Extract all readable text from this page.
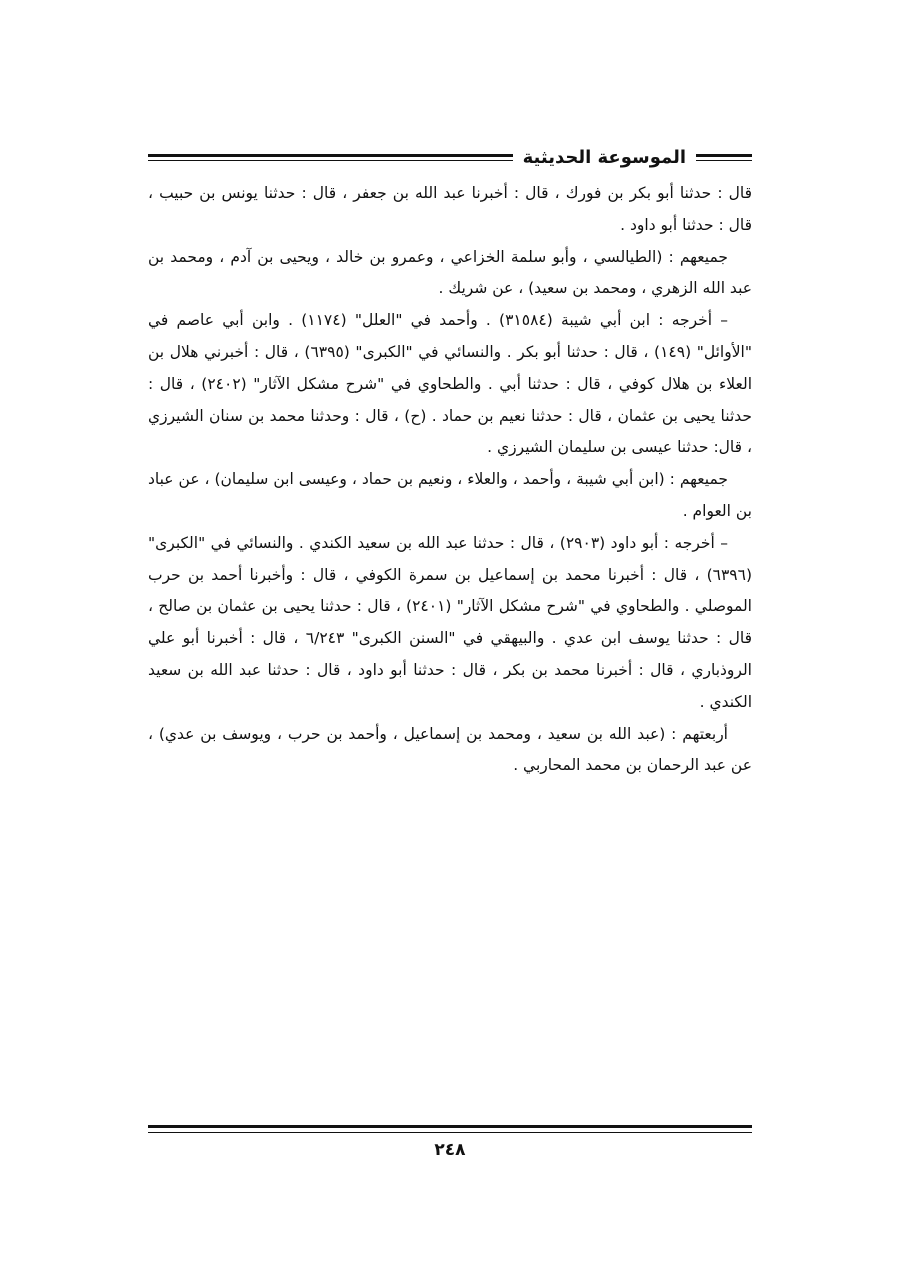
الموسوعة الحديثية

قال : حدثنا أبو بكر بن فورك ، قال : أخبرنا عبد الله بن جعفر ، قال : حدثنا يونس بن حبيب ، قال : حدثنا أبو داود .

جميعهم : (الطيالسي ، وأبو سلمة الخزاعي ، وعمرو بن خالد ، ويحيى بن آدم ، ومحمد بن عبد الله الزهري ، ومحمد بن سعيد) ، عن شريك .

– أخرجه : ابن أبي شيبة (٣١٥٨٤) . وأحمد في "العلل" (١١٧٤) . وابن أبي عاصم في "الأوائل" (١٤٩) ، قال : حدثنا أبو بكر . والنسائي في "الكبرى" (٦٣٩٥) ، قال : أخبرني هلال بن العلاء بن هلال كوفي ، قال : حدثنا أبي . والطحاوي في "شرح مشكل الآثار" (٢٤٠٢) ، قال : حدثنا يحيى بن عثمان ، قال : حدثنا نعيم بن حماد . (ح) ، قال : وحدثنا محمد بن سنان الشيرزي ، قال: حدثنا عيسى بن سليمان الشيرزي .

جميعهم : (ابن أبي شيبة ، وأحمد ، والعلاء ، ونعيم بن حماد ، وعيسى ابن سليمان) ، عن عباد بن العوام .

– أخرجه : أبو داود (٢٩٠٣) ، قال : حدثنا عبد الله بن سعيد الكندي . والنسائي في "الكبرى" (٦٣٩٦) ، قال : أخبرنا محمد بن إسماعيل بن سمرة الكوفي ، قال : وأخبرنا أحمد بن حرب الموصلي . والطحاوي في "شرح مشكل الآثار" (٢٤٠١) ، قال : حدثنا يحيى بن عثمان بن صالح ، قال : حدثنا يوسف ابن عدي . والبيهقي في "السنن الكبرى" ٦/٢٤٣ ، قال : أخبرنا أبو علي الروذباري ، قال : أخبرنا محمد بن بكر ، قال : حدثنا أبو داود ، قال : حدثنا عبد الله بن سعيد الكندي .

أربعتهم : (عبد الله بن سعيد ، ومحمد بن إسماعيل ، وأحمد بن حرب ، ويوسف بن عدي) ، عن عبد الرحمان بن محمد المحاربي .

٢٤٨
